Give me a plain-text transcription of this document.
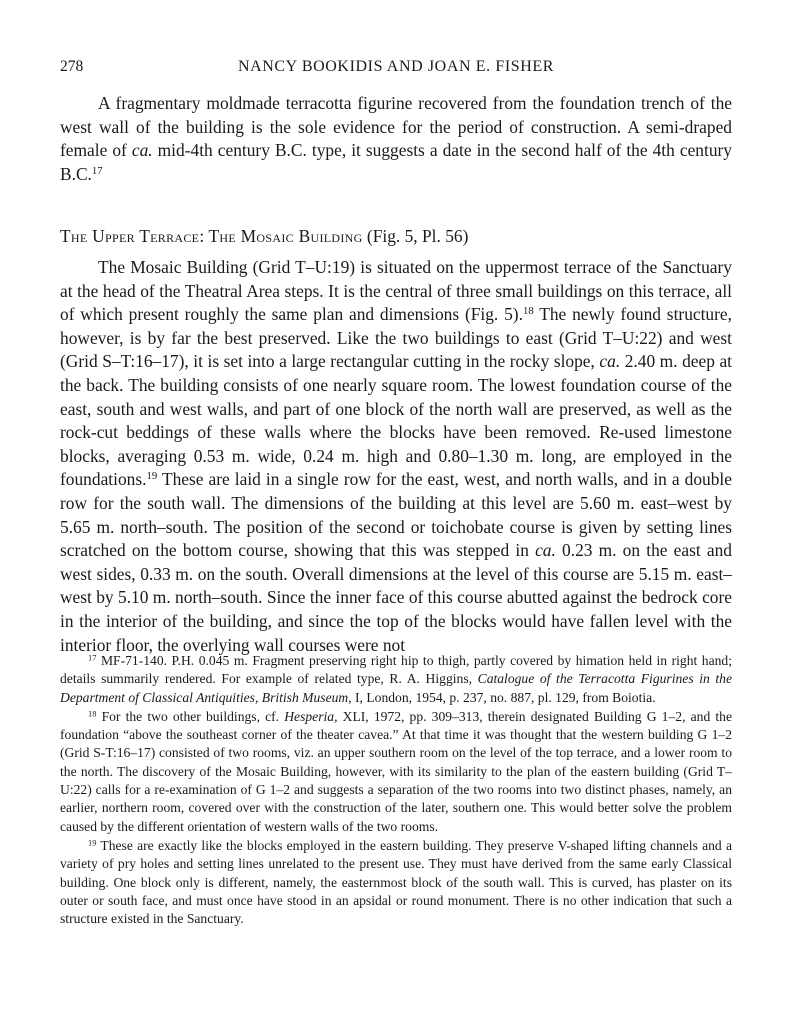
278	NANCY BOOKIDIS AND JOAN E. FISHER

A fragmentary moldmade terracotta figurine recovered from the foundation trench of the west wall of the building is the sole evidence for the period of construction. A semi-draped female of ca. mid-4th century B.C. type, it suggests a date in the second half of the 4th century B.C.$^{17}$

The Upper Terrace: The Mosaic Building (Fig. 5, Pl. 56)

The Mosaic Building (Grid T–U:19) is situated on the uppermost terrace of the Sanctuary at the head of the Theatral Area steps. It is the central of three small buildings on this terrace, all of which present roughly the same plan and dimensions (Fig. 5).$^{18}$ The newly found structure, however, is by far the best preserved. Like the two buildings to east (Grid T–U:22) and west (Grid S–T:16–17), it is set into a large rectangular cutting in the rocky slope, ca. 2.40 m. deep at the back. The building consists of one nearly square room. The lowest foundation course of the east, south and west walls, and part of one block of the north wall are preserved, as well as the rock-cut beddings of these walls where the blocks have been removed. Re-used limestone blocks, averaging 0.53 m. wide, 0.24 m. high and 0.80–1.30 m. long, are employed in the foundations.$^{19}$ These are laid in a single row for the east, west, and north walls, and in a double row for the south wall. The dimensions of the building at this level are 5.60 m. east–west by 5.65 m. north–south. The position of the second or toichobate course is given by setting lines scratched on the bottom course, showing that this was stepped in ca. 0.23 m. on the east and west sides, 0.33 m. on the south. Overall dimensions at the level of this course are 5.15 m. east–west by 5.10 m. north–south. Since the inner face of this course abutted against the bedrock core in the interior of the building, and since the top of the blocks would have fallen level with the interior floor, the overlying wall courses were not

$^{17}$ MF-71-140. P.H. 0.045 m. Fragment preserving right hip to thigh, partly covered by himation held in right hand; details summarily rendered. For example of related type, R. A. Higgins, Catalogue of the Terracotta Figurines in the Department of Classical Antiquities, British Museum, I, London, 1954, p. 237, no. 887, pl. 129, from Boiotia.

$^{18}$ For the two other buildings, cf. Hesperia, XLI, 1972, pp. 309–313, therein designated Building G 1–2, and the foundation “above the southeast corner of the theater cavea.” At that time it was thought that the western building G 1–2 (Grid S-T:16–17) consisted of two rooms, viz. an upper southern room on the level of the top terrace, and a lower room to the north. The discovery of the Mosaic Building, however, with its similarity to the plan of the eastern building (Grid T–U:22) calls for a re-examination of G 1–2 and suggests a separation of the two rooms into two distinct phases, namely, an earlier, northern room, covered over with the construction of the later, southern one. This would better solve the problem caused by the different orientation of western walls of the two rooms.

$^{19}$ These are exactly like the blocks employed in the eastern building. They preserve V-shaped lifting channels and a variety of pry holes and setting lines unrelated to the present use. They must have derived from the same early Classical building. One block only is different, namely, the easternmost block of the south wall. This is curved, has plaster on its outer or south face, and must once have stood in an apsidal or round monument. There is no other indication that such a structure existed in the Sanctuary.
